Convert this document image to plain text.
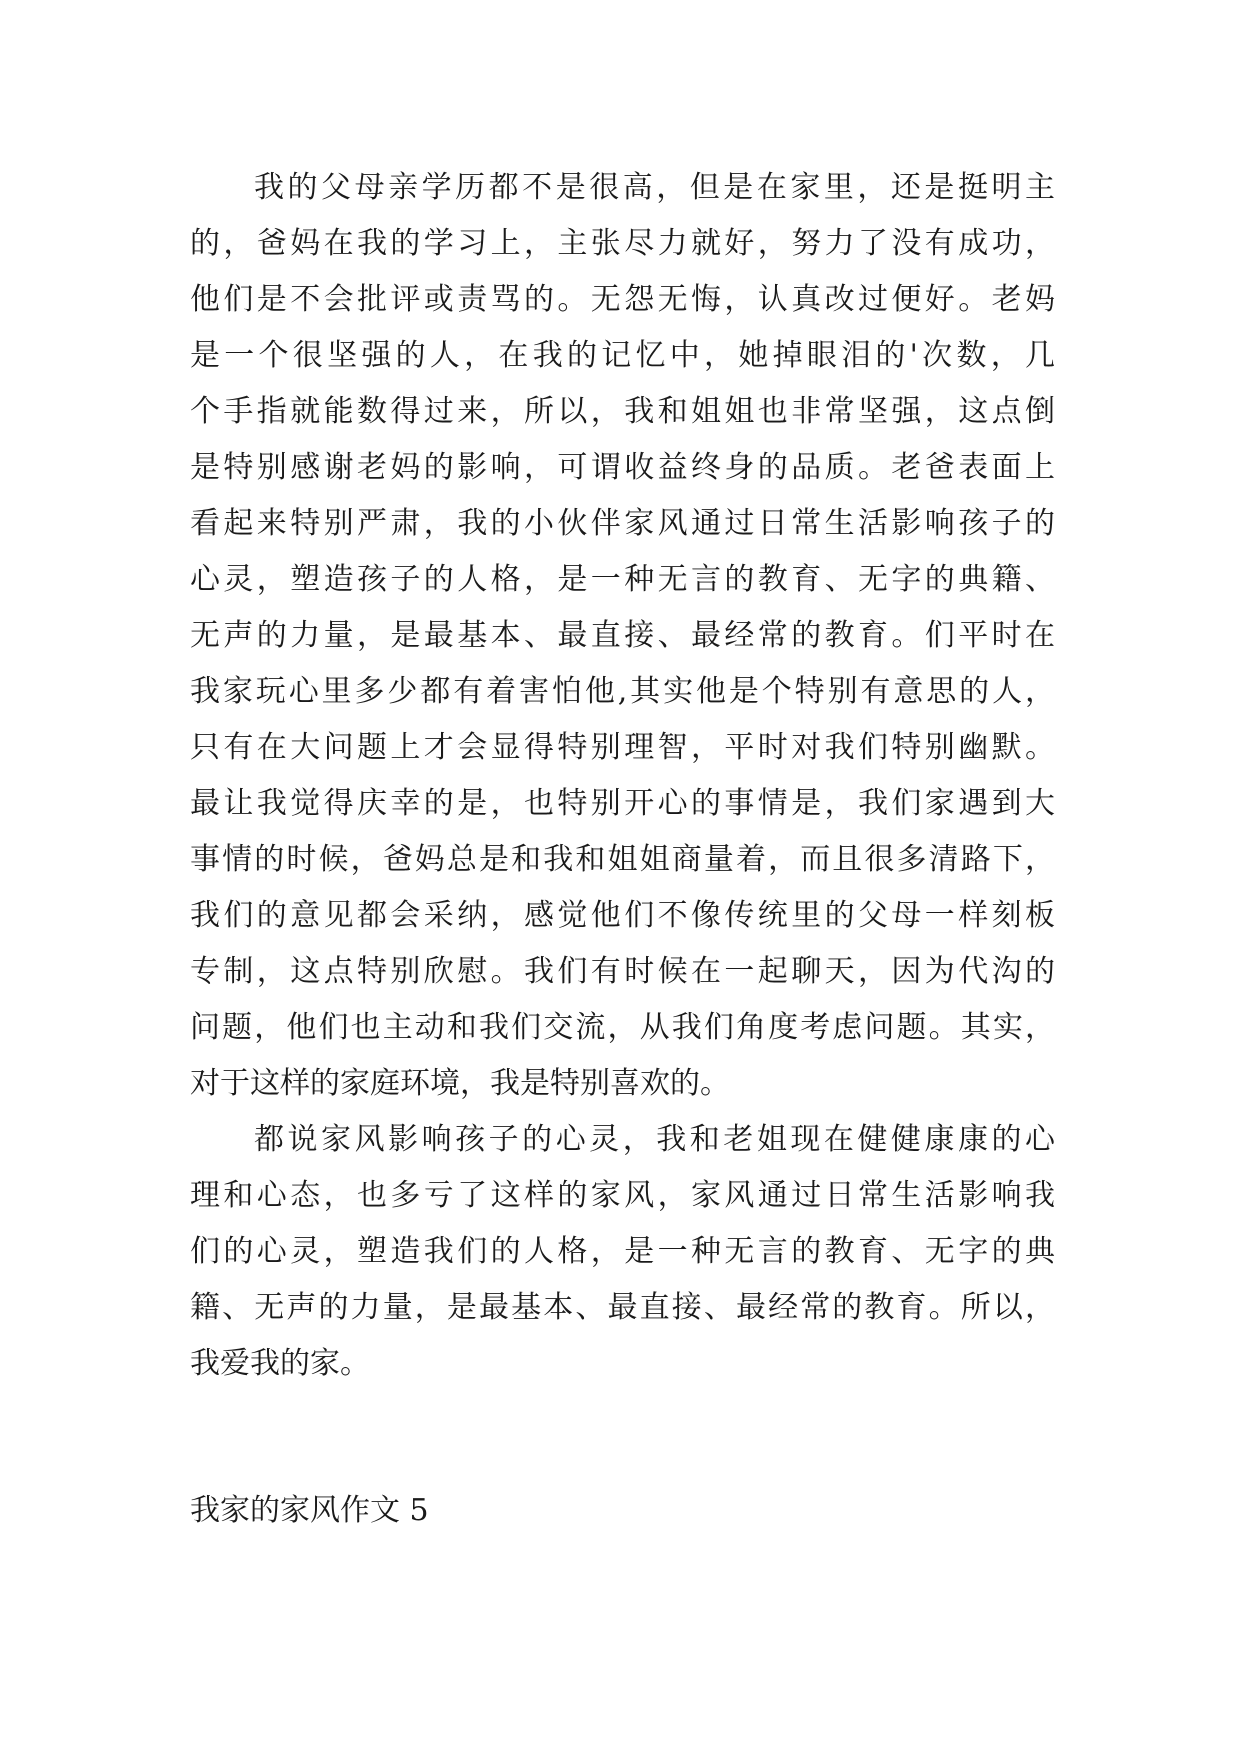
我的父母亲学历都不是很高，但是在家里，还是挺明主
的，爸妈在我的学习上，主张尽力就好，努力了没有成功，
他们是不会批评或责骂的。无怨无悔，认真改过便好。老妈
是一个很坚强的人，在我的记忆中，她掉眼泪的'次数，几
个手指就能数得过来，所以，我和姐姐也非常坚强，这点倒
是特别感谢老妈的影响，可谓收益终身的品质。老爸表面上
看起来特别严肃，我的小伙伴家风通过日常生活影响孩子的
心灵，塑造孩子的人格，是一种无言的教育、无字的典籍、
无声的力量，是最基本、最直接、最经常的教育。们平时在
我家玩心里多少都有着害怕他,其实他是个特别有意思的人，
只有在大问题上才会显得特别理智，平时对我们特别幽默。
最让我觉得庆幸的是，也特别开心的事情是，我们家遇到大
事情的时候，爸妈总是和我和姐姐商量着，而且很多清路下，
我们的意见都会采纳，感觉他们不像传统里的父母一样刻板
专制，这点特别欣慰。我们有时候在一起聊天，因为代沟的
问题，他们也主动和我们交流，从我们角度考虑问题。其实，
对于这样的家庭环境，我是特别喜欢的。
都说家风影响孩子的心灵，我和老姐现在健健康康的心
理和心态，也多亏了这样的家风，家风通过日常生活影响我
们的心灵，塑造我们的人格，是一种无言的教育、无字的典
籍、无声的力量，是最基本、最直接、最经常的教育。所以，
我爱我的家。
我家的家风作文 5
